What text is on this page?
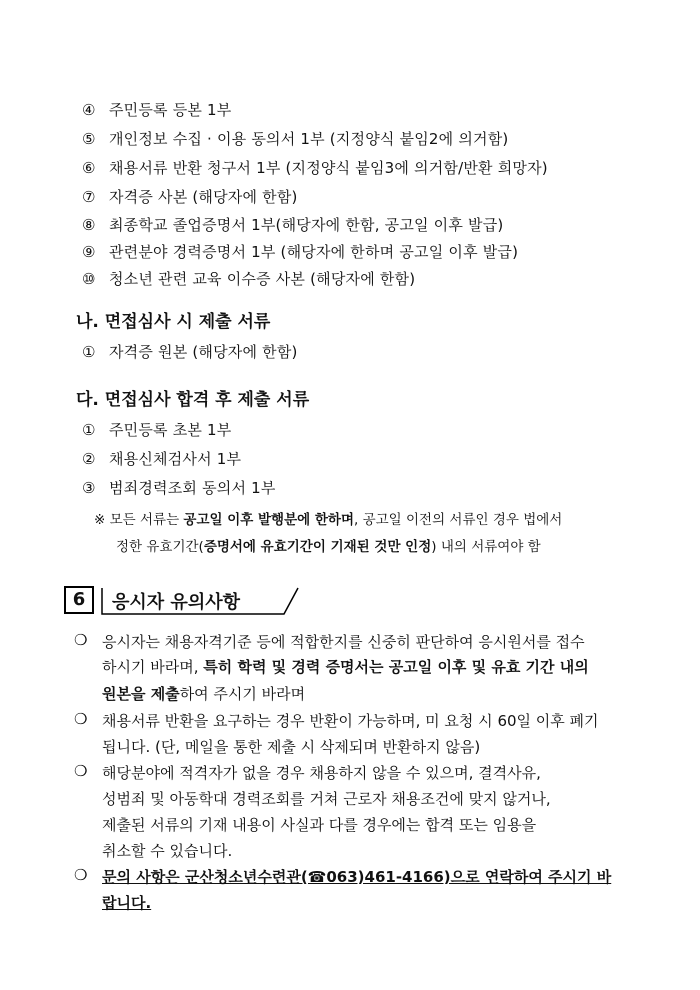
④ 주민등록 등본 1부
⑤ 개인정보 수집 · 이용 동의서 1부 (지정양식 붙임2에 의거함)
⑥ 채용서류 반환 청구서 1부 (지정양식 붙임3에 의거함/반환 희망자)
⑦ 자격증 사본 (해당자에 한함)
⑧ 최종학교 졸업증명서 1부(해당자에 한함, 공고일 이후 발급)
⑨ 관련분야 경력증명서 1부 (해당자에 한하며 공고일 이후 발급)
⑩ 청소년 관련 교육 이수증 사본 (해당자에 한함)
나. 면접심사 시 제출 서류
① 자격증 원본 (해당자에 한함)
다. 면접심사 합격 후 제출 서류
① 주민등록 초본 1부
② 채용신체검사서 1부
③ 범죄경력조회 동의서 1부
※ 모든 서류는 공고일 이후 발행분에 한하며, 공고일 이전의 서류인 경우 법에서
정한 유효기간(증명서에 유효기간이 기재된 것만 인정) 내의 서류여야 함
6	응시자 유의사항
❍ 응시자는 채용자격기준 등에 적합한지를 신중히 판단하여 응시원서를 접수
하시기 바라며, 특히 학력 및 경력 증명서는 공고일 이후 및 유효 기간 내의
원본을 제출하여 주시기 바라며
❍ 채용서류 반환을 요구하는 경우 반환이 가능하며, 미 요청 시 60일 이후 폐기
됩니다. (단, 메일을 통한 제출 시 삭제되며 반환하지 않음)
❍ 해당분야에 적격자가 없을 경우 채용하지 않을 수 있으며, 결격사유,
성범죄 및 아동학대 경력조회를 거쳐 근로자 채용조건에 맞지 않거나,
제출된 서류의 기재 내용이 사실과 다를 경우에는 합격 또는 임용을
취소할 수 있습니다.
❍ 문의 사항은 군산청소년수련관(☎063)461-4166)으로 연락하여 주시기 바
랍니다.
